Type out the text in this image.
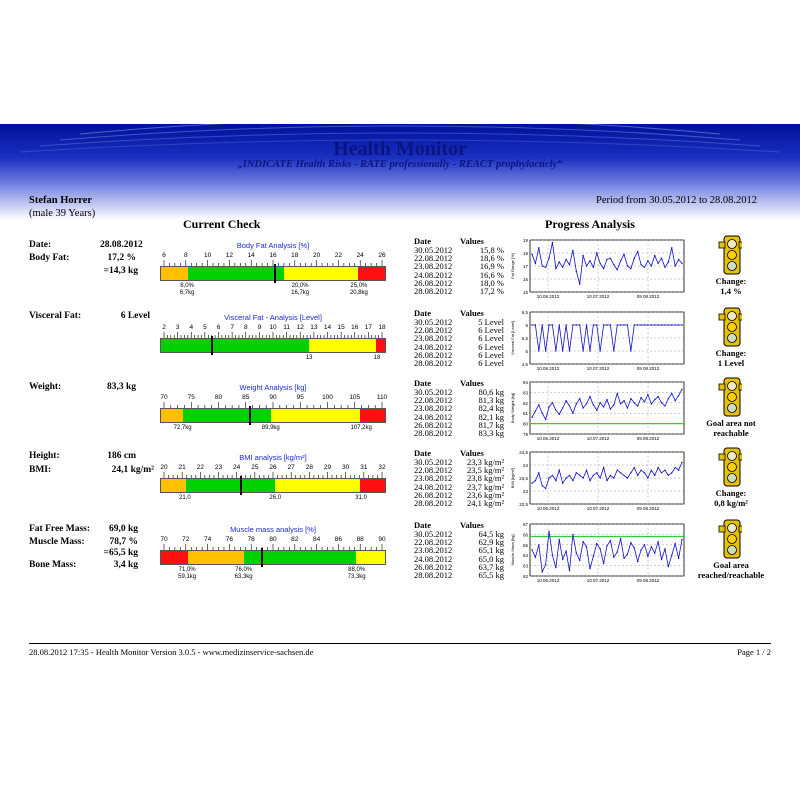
Health Monitor
„INDICATE Health Risks - RATE professionally - REACT prophylacticly“
Stefan Horrer
(male 39 Years)
Period from 30.05.2012 to 28.08.2012
Current Check	Progress Analysis
Date:	28.08.2012
Body Fat:	17,2 %
=14,3 kg
Visceral Fat:	6 Level
Weight:	83,3 kg
Height:	186 cm
BMI:	24,1 kg/m²
Fat Free Mass:	69,0 kg
Muscle Mass:	78,7 %
=65,5 kg
Bone Mass:	3,4 kg
Body Fat Analysis [%]
6	8	10 12 14 16 18 20 22 24 26
8,0%
6,7kg
20,0%
16,7kg
25,0%
20,8kg
Visceral Fat - Analysis [Level]
2 3 4 5 6 7 8 9 10 11 12 13 14 15 16 17 18
13	18
Weight Analysis [kg]
70	75	80	85	90	95	100	105	110
72,7kg	89,9kg	107,2kg
BMI analysis [kg/m²]
20 21 22 23 24 25 26 27 28 29 30 31 32
21,0	26,0	31,0
Muscle mass analysis [%]
70 72 74 76 78 80 82 84 86 88 90
71,0%
59,1kg
76,0%
63,3kg
88,0%
73,3kg
Date	Values
30.05.2012	15,8 %
22.08.2012	18,6 %
23.08.2012	16,9 %
24.08.2012	16,6 %
26.08.2012	18,0 %
28.08.2012	17,2 %
Date	Values
30.05.2012	5 Level
22.08.2012	6 Level
23.08.2012	6 Level
24.08.2012	6 Level
26.08.2012	6 Level
28.08.2012	6 Level
Date	Values
30.05.2012	80,6 kg
22.08.2012	81,3 kg
23.08.2012	82,4 kg
24.08.2012	82,1 kg
26.08.2012	81,7 kg
28.08.2012	83,3 kg
Date	Values
30.05.2012 23,3 kg/m²
22.08.2012 23,5 kg/m²
23.08.2012 23,8 kg/m²
24.08.2012 23,7 kg/m²
26.08.2012 23,6 kg/m²
28.08.2012 24,1 kg/m²
Date	Values
30.05.2012	64,5 kg
22.08.2012	62,9 kg
23.08.2012	65,1 kg
24.08.2012	65,0 kg
26.08.2012	63,7 kg
28.08.2012	65,5 kg
15
16
17
18
19
10.06.2012	10.07.2012	09.08.2012
Fat Range [%]
4,5
5
5,5
6
6,5
10.06.2012	10.07.2012	09.08.2012
Visceral Fat [Level]
79
80
81
82
83
84
10.06.2012	10.07.2012	09.08.2012
Body Weight [kg]
22,5
23
23,5
24
24,5
10.06.2012	10.07.2012	09.08.2012
BMI [kg/m²]
62
63
64
65
66
67
10.06.2012	10.07.2012	09.08.2012
Muscle Mass [kg]
Change:
1,4 %
Change:
1 Level
Goal area not
reachable
Change:
0,8 kg/m²
Goal area
reached/reachable
28.08.2012 17:35 - Health Monitor Version 3.0.5 - www.medizinservice-sachsen.de	Page 1 / 2
